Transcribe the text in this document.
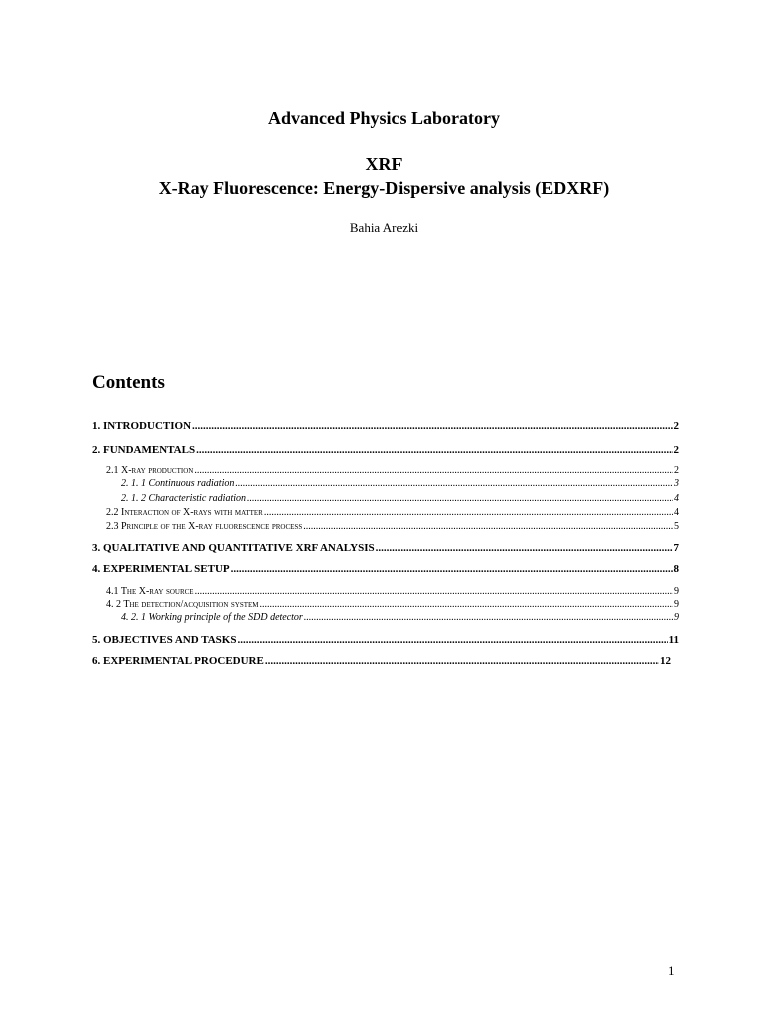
Advanced Physics Laboratory
XRF
X-Ray Fluorescence: Energy-Dispersive analysis (EDXRF)
Bahia Arezki
Contents
1. INTRODUCTION .....	2
2. FUNDAMENTALS .....	2
2.1 X-ray production .....	2
2. 1. 1 Continuous radiation .....	3
2. 1. 2 Characteristic radiation .....	4
2.2 Interaction of X-rays with matter .....	4
2.3 Principle of the X-ray fluorescence process .....	5
3. QUALITATIVE AND QUANTITATIVE XRF ANALYSIS .....	7
4. EXPERIMENTAL SETUP .....	8
4.1 The X-ray source .....	9
4. 2 The detection/acquisition system .....	9
4. 2. 1 Working principle of the SDD detector .....	9
5. OBJECTIVES AND TASKS .....	11
6. EXPERIMENTAL PROCEDURE .....	12
1
